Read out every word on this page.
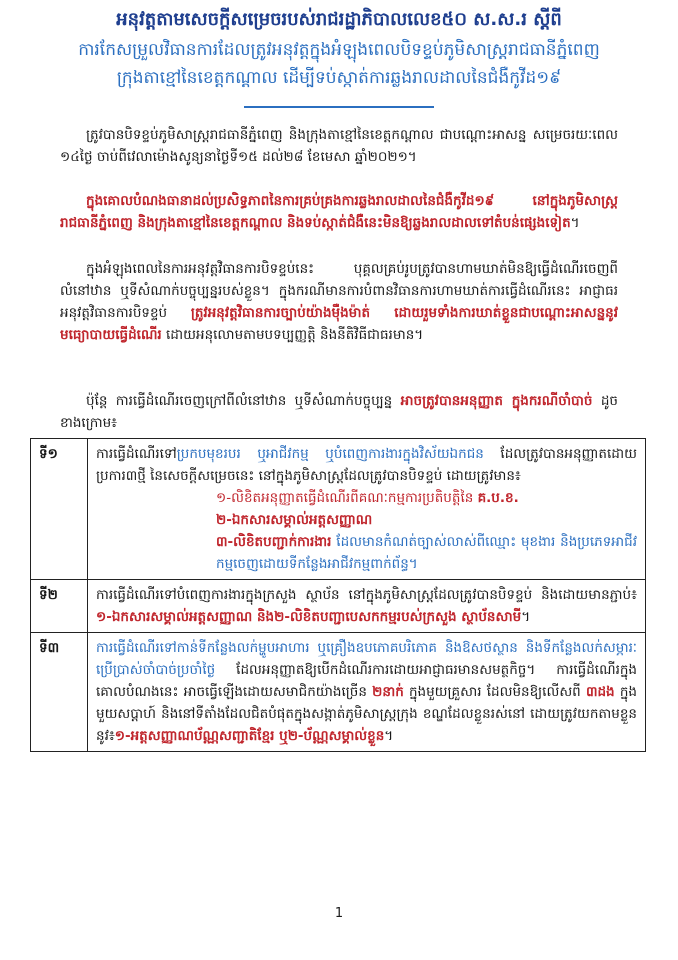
អនុវត្តតាមសេចក្តីសម្រេចរបស់រាជរដ្ឋាភិបាលលេខ៥០ ស.ស.រ ស្តីពី
ការកែសម្រួលវិធានការដែលត្រូវអនុវត្តក្នុងអំឡុងពេលបិទខ្ទប់ភូមិសាស្ត្ររាជធានីភ្នំពេញ
ក្រុងតាខ្មៅនៃខេត្តកណ្ដាល ដើម្បីទប់ស្កាត់ការឆ្លងរាលដាលនៃជំងឺកូវីដ១៩
ត្រូវបានបិទខ្ទប់ភូមិសាស្ត្ររាជធានីភ្នំពេញ និងក្រុងតាខ្មៅនៃខេត្តកណ្ដាល ជាបណ្តោះអាសន្ន សម្រេចរយៈពេល ១៤ថ្ងៃ ចាប់ពីវេលាម៉ោងសូន្យនាថ្ងៃទី១៥ ដល់២៨ ខែមេសា ឆ្នាំ២០២១។
ក្នុងគោលបំណងធានាដល់ប្រសិទ្ធភាពនៃការគ្រប់គ្រងការឆ្លងរាលដាលនៃជំងឺកូវីដ១៩ នៅក្នុងភូមិសាស្ត្ររាជធានីភ្នំពេញ និងក្រុងតាខ្មៅនៃខេត្តកណ្ដាល និងទប់ស្កាត់ជំងឺនេះមិនឱ្យឆ្លងរាលដាលទៅតំបន់ផ្សេងទៀត។
ក្នុងអំឡុងពេលនៃការអនុវត្តវិធានការបិទខ្ទប់នេះ បុគ្គលគ្រប់រូបត្រូវបានហាមឃាត់មិនឱ្យធ្វើដំណើរចេញពីលំនៅឋាន ឬទីសំណាក់បច្ចុប្បន្នរបស់ខ្លួន។ ក្នុងករណីមានការបំពានវិធានការហាមឃាត់ការធ្វើដំណើរនេះ អាជ្ញាធរអនុវត្តវិធានការបិទខ្ទប់ ត្រូវអនុវត្តវិធានការច្បាប់យ៉ាងម៉ឺងម៉ាត់ ដោយរួមទាំងការឃាត់ខ្លួនជាបណ្តោះអាសន្ននូវមធ្យោបាយធ្វើដំណើរ ដោយអនុលោមតាមបទប្បញ្ញត្តិ និងនីតិវិធីជាធរមាន។
ប៉ុន្តែ ការធ្វើដំណើរចេញក្រៅពីលំនៅឋាន ឬទីសំណាក់បច្ចុប្បន្ន អាចត្រូវបានអនុញ្ញាត ក្នុងករណីចាំបាច់ ដូចខាងក្រោម៖
ទី១	ការធ្វើដំណើរទៅប្រកបមុខរបរ ឬអាជីវកម្ម ឬបំពេញការងារក្នុងវិស័យឯកជន ដែលត្រូវបានអនុញ្ញាតដោយប្រការ៣ថ្មី នៃសេចក្តីសម្រេចនេះ នៅក្នុងភូមិសាស្ត្រដែលត្រូវបានបិទខ្ទប់ ដោយត្រូវមាន៖
១-លិខិតអនុញ្ញាតធ្វើដំណើរពីគណៈកម្មការប្រតិបត្តិនៃ គ.ប.ខ.
២-ឯកសារសម្គាល់អត្តសញ្ញាណ
៣-លិខិតបញ្ជាក់ការងារ ដែលមានកំណត់ច្បាស់លាស់ពីឈ្មោះ មុខងារ និងប្រភេទអាជីវកម្មចេញដោយទីកន្លែងអាជីវកម្មពាក់ព័ន្ធ។

ទី២	ការធ្វើដំណើរទៅបំពេញការងារក្នុងក្រសួង ស្ថាប័ន នៅក្នុងភូមិសាស្ត្រដែលត្រូវបានបិទខ្ទប់ និងដោយមានភ្ជាប់៖ ១-ឯកសារសម្គាល់អត្តសញ្ញាណ និង២-លិខិតបញ្ជាបេសកកម្មរបស់ក្រសួង ស្ថាប័នសាមី។
ទី៣	ការធ្វើដំណើរទៅកាន់ទីកន្លែងលក់ម្ហូបអាហារ ឬគ្រឿងឧបភោគបរិភោគ និងឱសថស្ថាន និងទីកន្លែងលក់សម្ភារៈប្រើប្រាស់ចាំបាច់ប្រចាំថ្ងៃ ដែលអនុញ្ញាតឱ្យបើកដំណើរការដោយអាជ្ញាធរមានសមត្ថកិច្ច។ ការធ្វើដំណើរក្នុងគោលបំណងនេះ អាចធ្វើឡើងដោយសមាជិកយ៉ាងច្រើន ២នាក់ ក្នុងមួយគ្រួសារ ដែលមិនឱ្យលើសពី ៣ដង ក្នុងមួយសប្តាហ៍ និងនៅទីតាំងដែលជិតបំផុតក្នុងសង្កាត់ភូមិសាស្ត្រក្រុង ខណ្ឌដែលខ្លួនរស់នៅ ដោយត្រូវយកតាមខ្លួននូវ៖១-អត្តសញ្ញាណប័ណ្ណសញ្ជាតិខ្មែរ ឬ២-ប័ណ្ណសម្គាល់ខ្លួន។
1
